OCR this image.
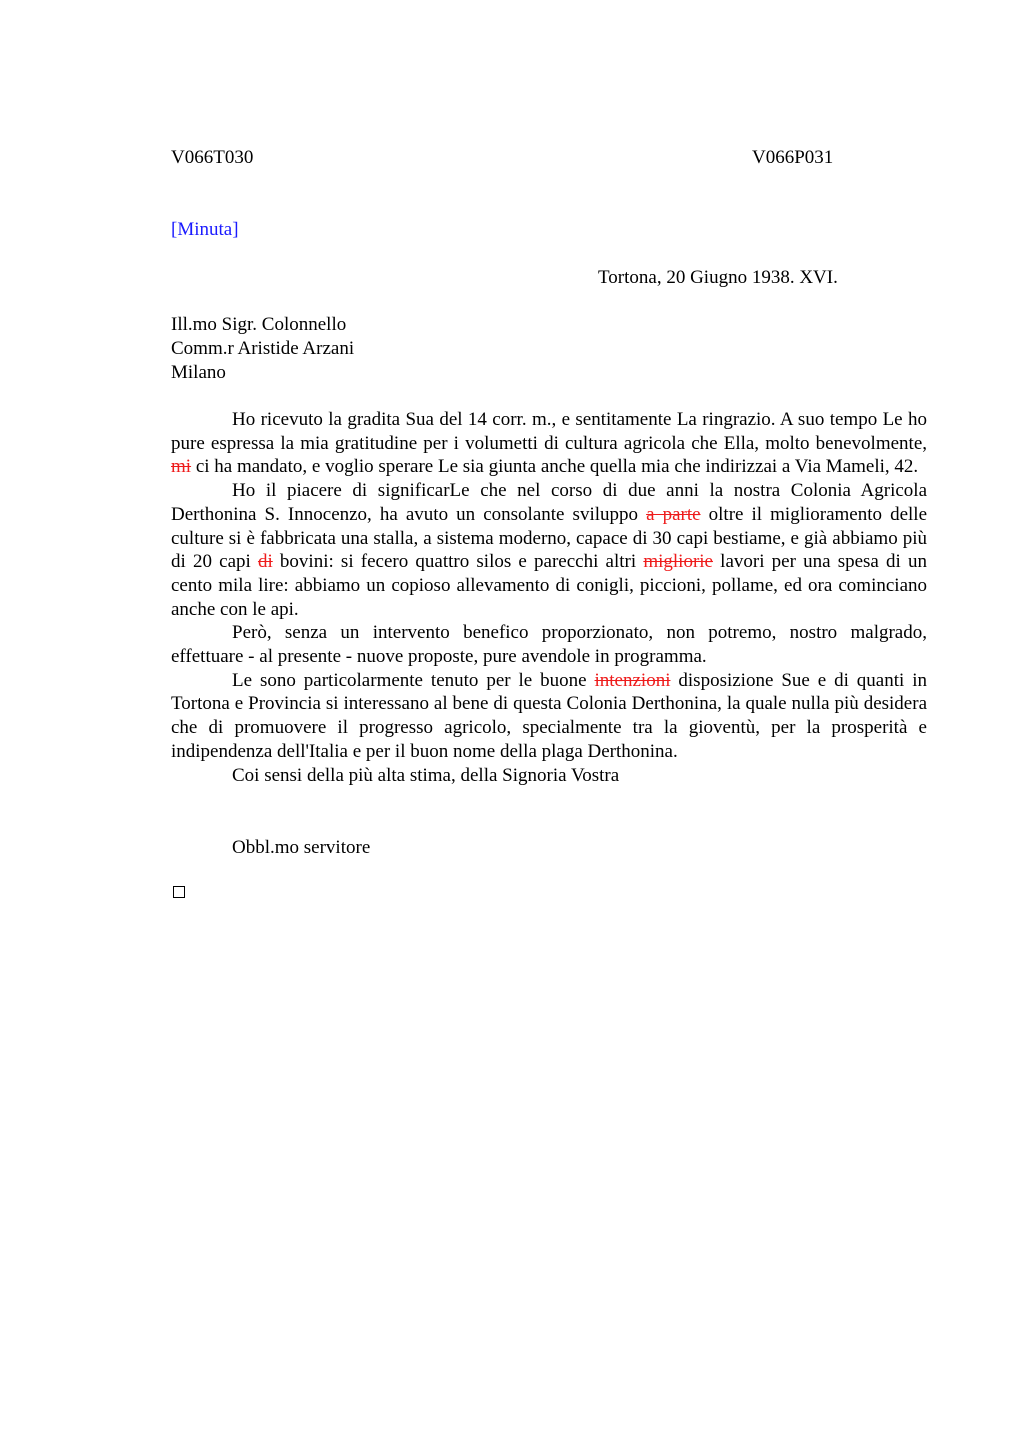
V066T030	V066P031
[Minuta]
Tortona, 20 Giugno 1938. XVI.
Ill.mo Sigr. Colonnello
Comm.r Aristide Arzani
Milano

Ho ricevuto la gradita Sua del 14 corr. m., e sentitamente La ringrazio. A suo tempo Le ho pure espressa la mia gratitudine per i volumetti di cultura agricola che Ella, molto benevolmente, mi ci ha mandato, e voglio sperare Le sia giunta anche quella mia che indirizzai a Via Mameli, 42.

Ho il piacere di significarLe che nel corso di due anni la nostra Colonia Agricola Derthonina S. Innocenzo, ha avuto un consolante sviluppo a parte oltre il miglioramento delle culture si è fabbricata una stalla, a sistema moderno, capace di 30 capi bestiame, e già abbiamo più di 20 capi di bovini: si fecero quattro silos e parecchi altri migliorie lavori per una spesa di un cento mila lire: abbiamo un copioso allevamento di conigli, piccioni, pollame, ed ora cominciano anche con le api.

Però, senza un intervento benefico proporzionato, non potremo, nostro malgrado, effettuare - al presente - nuove proposte, pure avendole in programma.

Le sono particolarmente tenuto per le buone intenzioni disposizione Sue e di quanti in Tortona e Provincia si interessano al bene di questa Colonia Derthonina, la quale nulla più desidera che di promuovere il progresso agricolo, specialmente tra la gioventù, per la prosperità e indipendenza dell'Italia e per il buon nome della plaga Derthonina.

Coi sensi della più alta stima, della Signoria Vostra

Obbl.mo servitore
